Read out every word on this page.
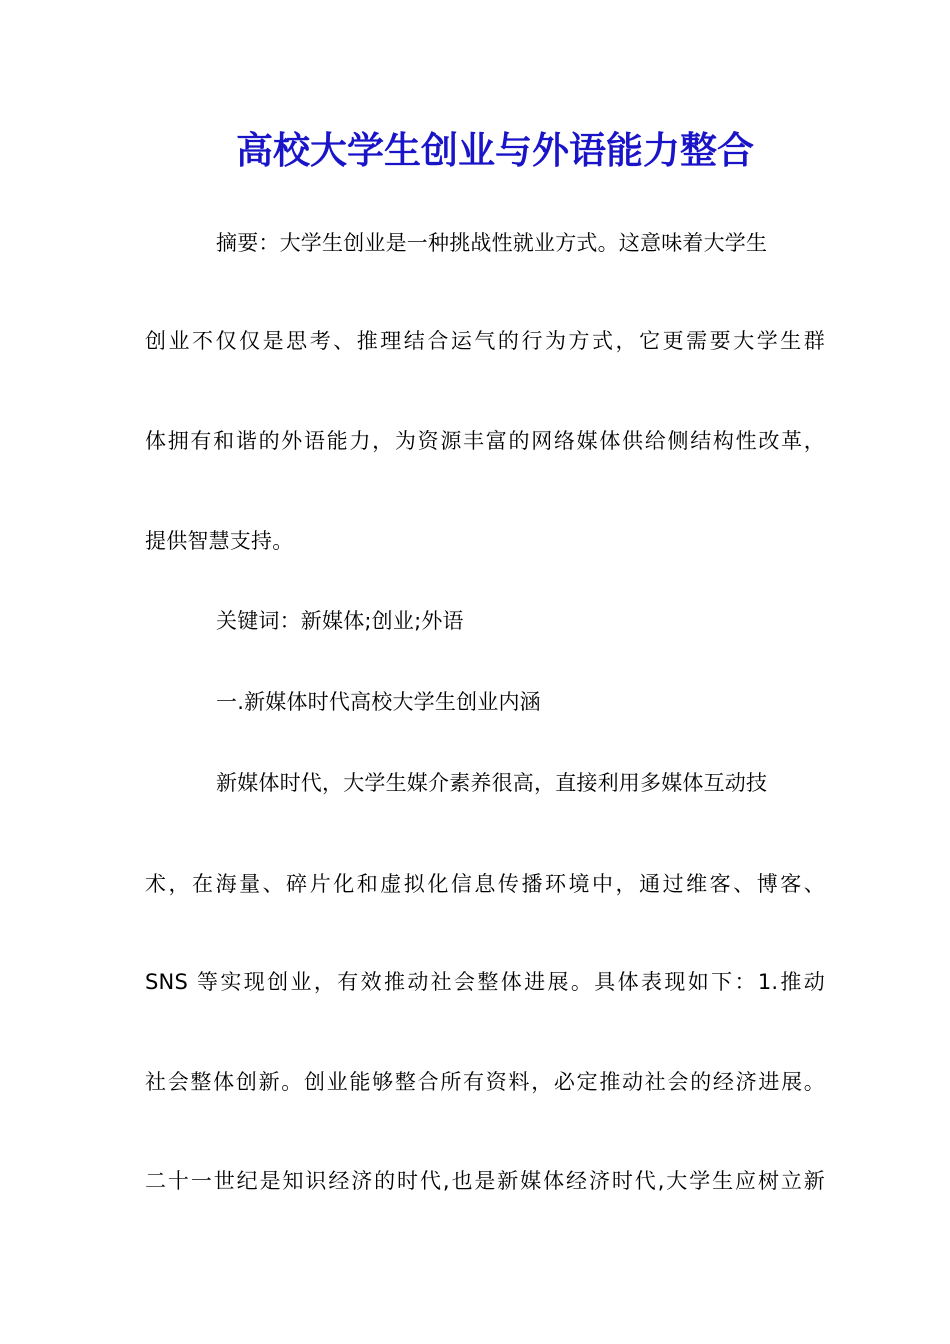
高校大学生创业与外语能力整合
摘要：大学生创业是一种挑战性就业方式。这意味着大学生
创业不仅仅是思考、推理结合运气的行为方式，它更需要大学生群
体拥有和谐的外语能力，为资源丰富的网络媒体供给侧结构性改革，
提供智慧支持。
关键词：新媒体;创业;外语
一.新媒体时代高校大学生创业内涵
新媒体时代，大学生媒介素养很高，直接利用多媒体互动技
术，在海量、碎片化和虚拟化信息传播环境中，通过维客、博客、
SNS 等实现创业，有效推动社会整体进展。具体表现如下：1.推动
社会整体创新。创业能够整合所有资料，必定推动社会的经济进展。
二十一世纪是知识经济的时代,也是新媒体经济时代,大学生应树立新
